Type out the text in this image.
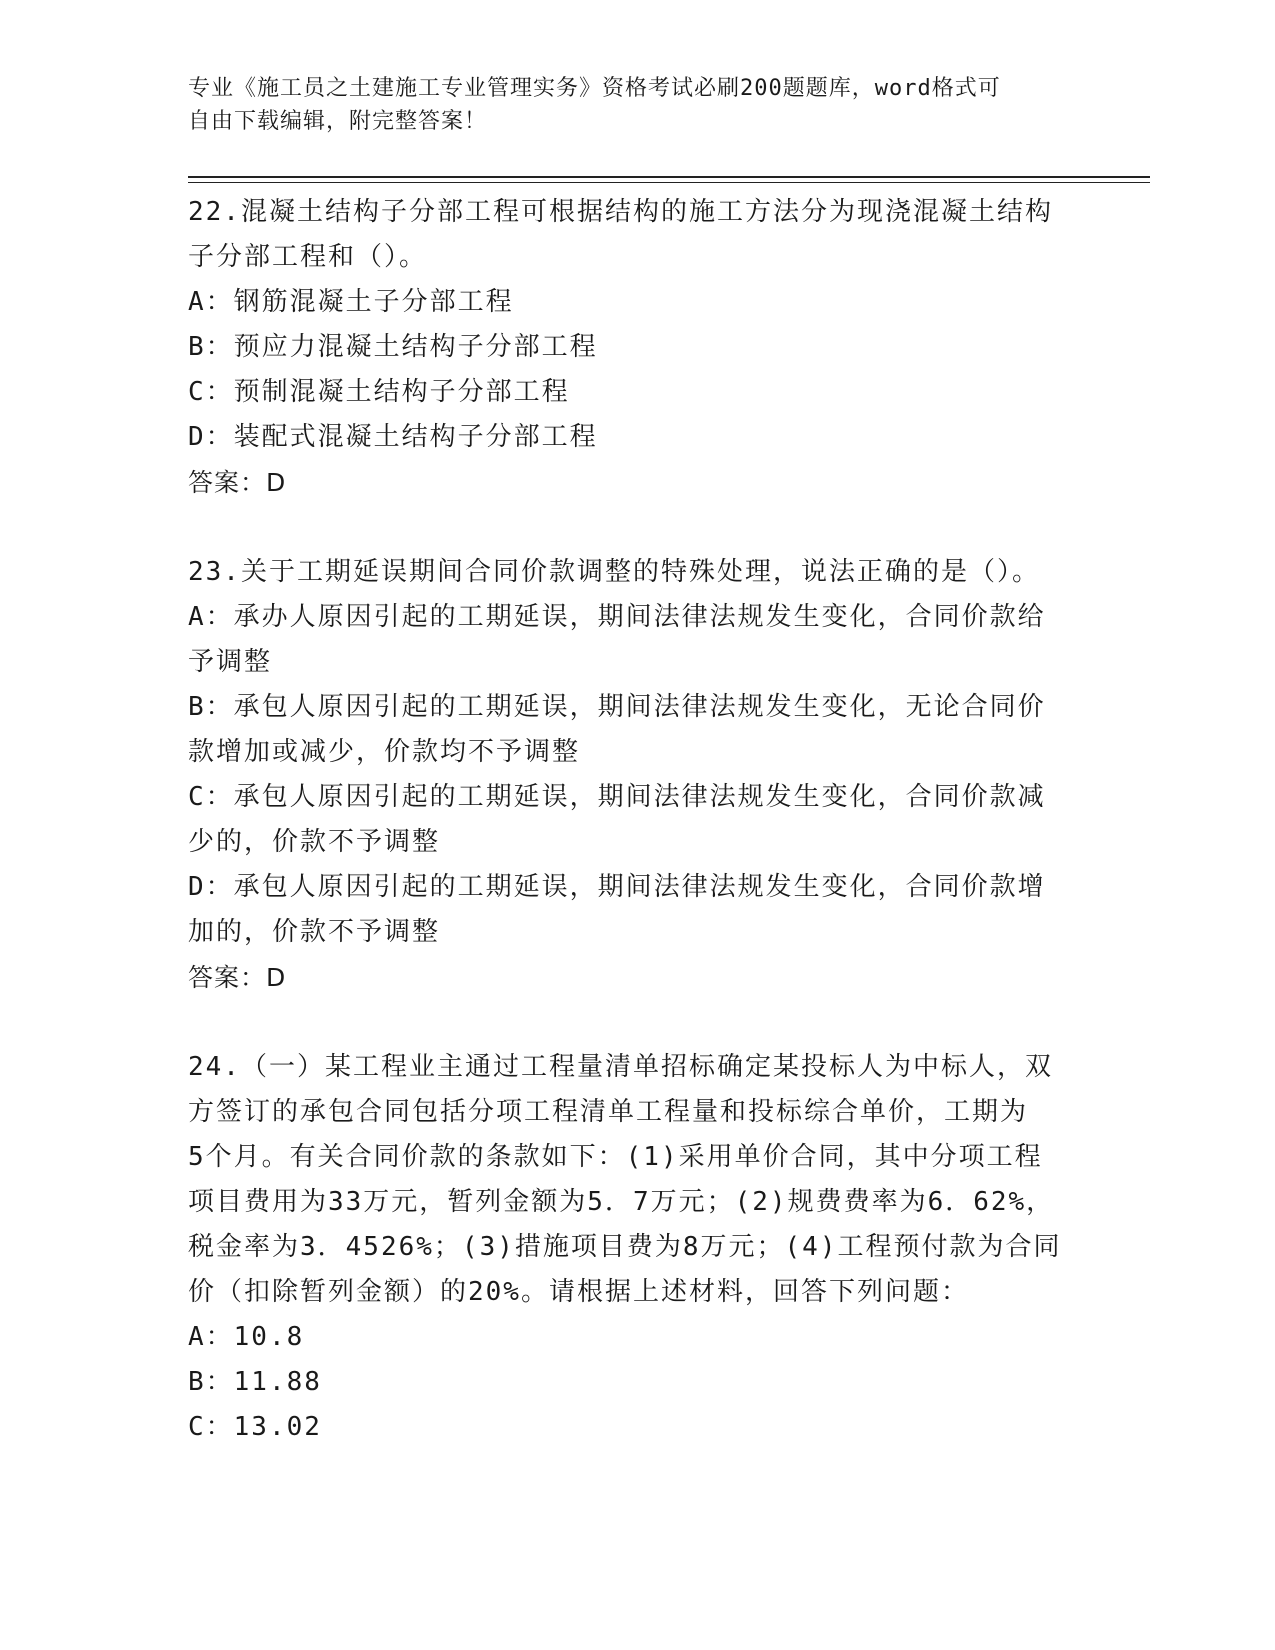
专业《施工员之土建施工专业管理实务》资格考试必刷200题题库，word格式可
自由下载编辑，附完整答案！
22.混凝土结构子分部工程可根据结构的施工方法分为现浇混凝土结构
子分部工程和（）。
A：钢筋混凝土子分部工程
B：预应力混凝土结构子分部工程
C：预制混凝土结构子分部工程
D：装配式混凝土结构子分部工程
答案：D
23.关于工期延误期间合同价款调整的特殊处理，说法正确的是（）。
A：承办人原因引起的工期延误，期间法律法规发生变化，合同价款给
予调整
B：承包人原因引起的工期延误，期间法律法规发生变化，无论合同价
款增加或减少，价款均不予调整
C：承包人原因引起的工期延误，期间法律法规发生变化，合同价款减
少的，价款不予调整
D：承包人原因引起的工期延误，期间法律法规发生变化，合同价款增
加的，价款不予调整
答案：D
24.（一）某工程业主通过工程量清单招标确定某投标人为中标人，双
方签订的承包合同包括分项工程清单工程量和投标综合单价，工期为
5个月。有关合同价款的条款如下：(1)采用单价合同，其中分项工程
项目费用为33万元，暂列金额为5．7万元；(2)规费费率为6．62%，
税金率为3．4526%；(3)措施项目费为8万元；(4)工程预付款为合同
价（扣除暂列金额）的20%。请根据上述材料，回答下列问题：
A：10.8
B：11.88
C：13.02
